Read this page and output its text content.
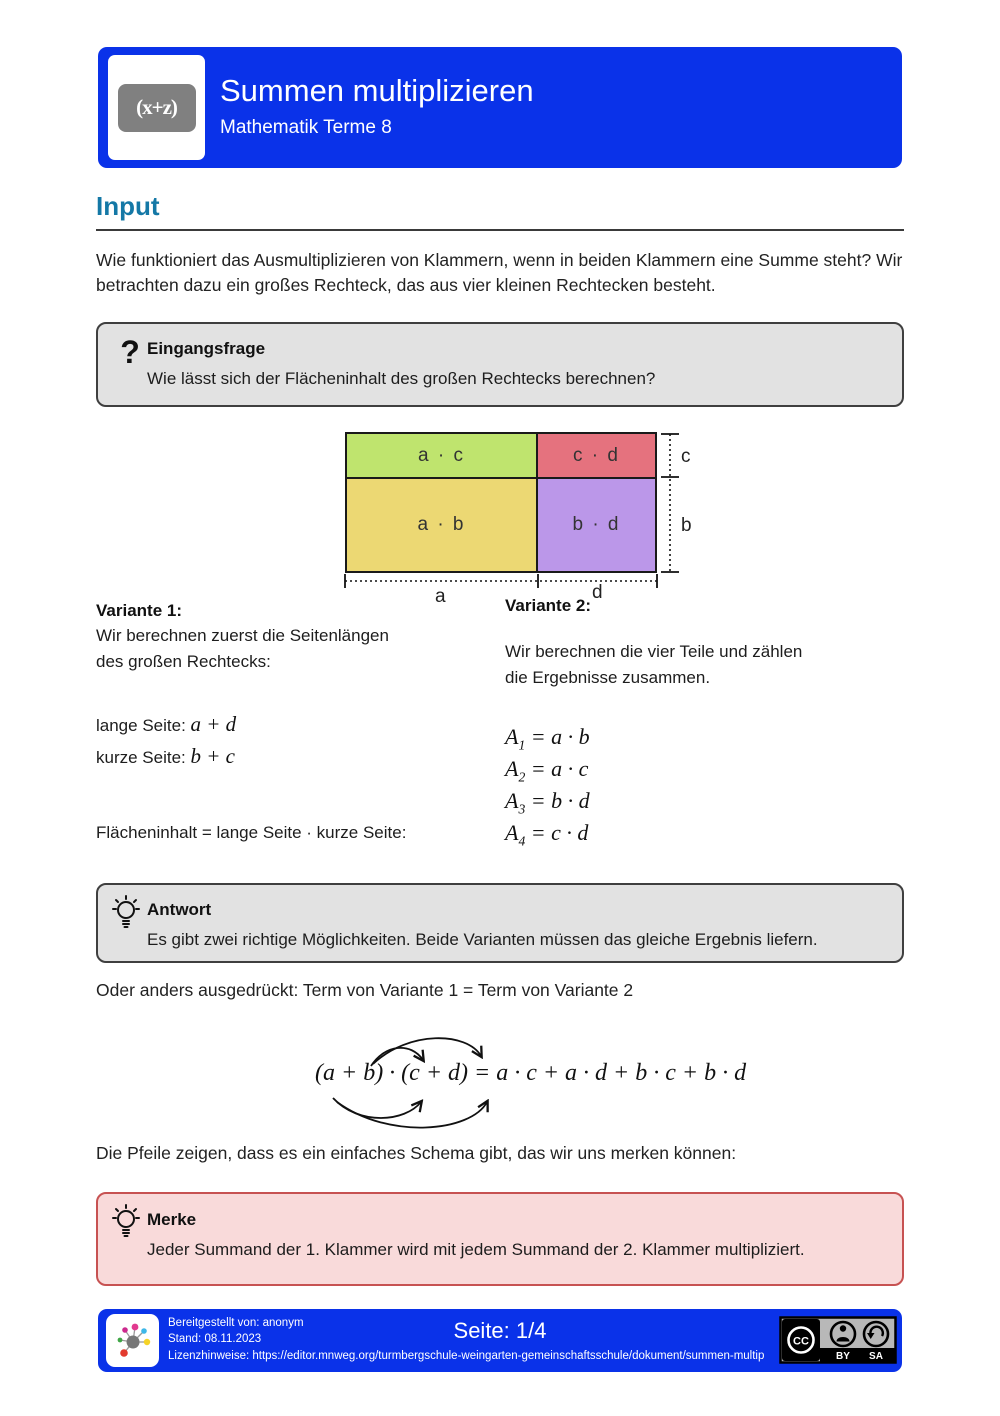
(x+z)	Summen multiplizieren
Mathematik Terme 8
Input
Wie funktioniert das Ausmultiplizieren von Klammern, wenn in beiden Klammern eine Summe steht? Wir betrachten dazu ein großes Rechteck, das aus vier kleinen Rechtecken besteht.
? Eingangsfrage
Wie lässt sich der Flächeninhalt des großen Rechtecks berechnen?
c
b
a	d
a · c	c · d
a · b	b · d
Variante 1:
Wir berechnen zuerst die Seitenlängen
des großen Rechtecks:
lange Seite: a + d
kurze Seite: b + c
Flächeninhalt = lange Seite · kurze Seite:
Variante 2:
Wir berechnen die vier Teile und zählen
die Ergebnisse zusammen.
$A_1 = a \cdot b$
$A_2 = a \cdot c$
$A_3 = b \cdot d$
$A_4 = c \cdot d$
Antwort
Es gibt zwei richtige Möglichkeiten. Beide Varianten müssen das gleiche Ergebnis liefern.
Oder anders ausgedrückt: Term von Variante 1 = Term von Variante 2
(a + b) · (c + d) = a · c + a · d + b · c + b · d
Die Pfeile zeigen, dass es ein einfaches Schema gibt, das wir uns merken können:
Merke
Jeder Summand der 1. Klammer wird mit jedem Summand der 2. Klammer multipliziert.
Bereitgestellt von: anonym
Stand: 08.11.2023
Lizenzhinweise: https://editor.mnweg.org/turmbergschule-weingarten-gemeinschaftsschule/dokument/summen-multip
Seite: 1/4	CC
BY SA
